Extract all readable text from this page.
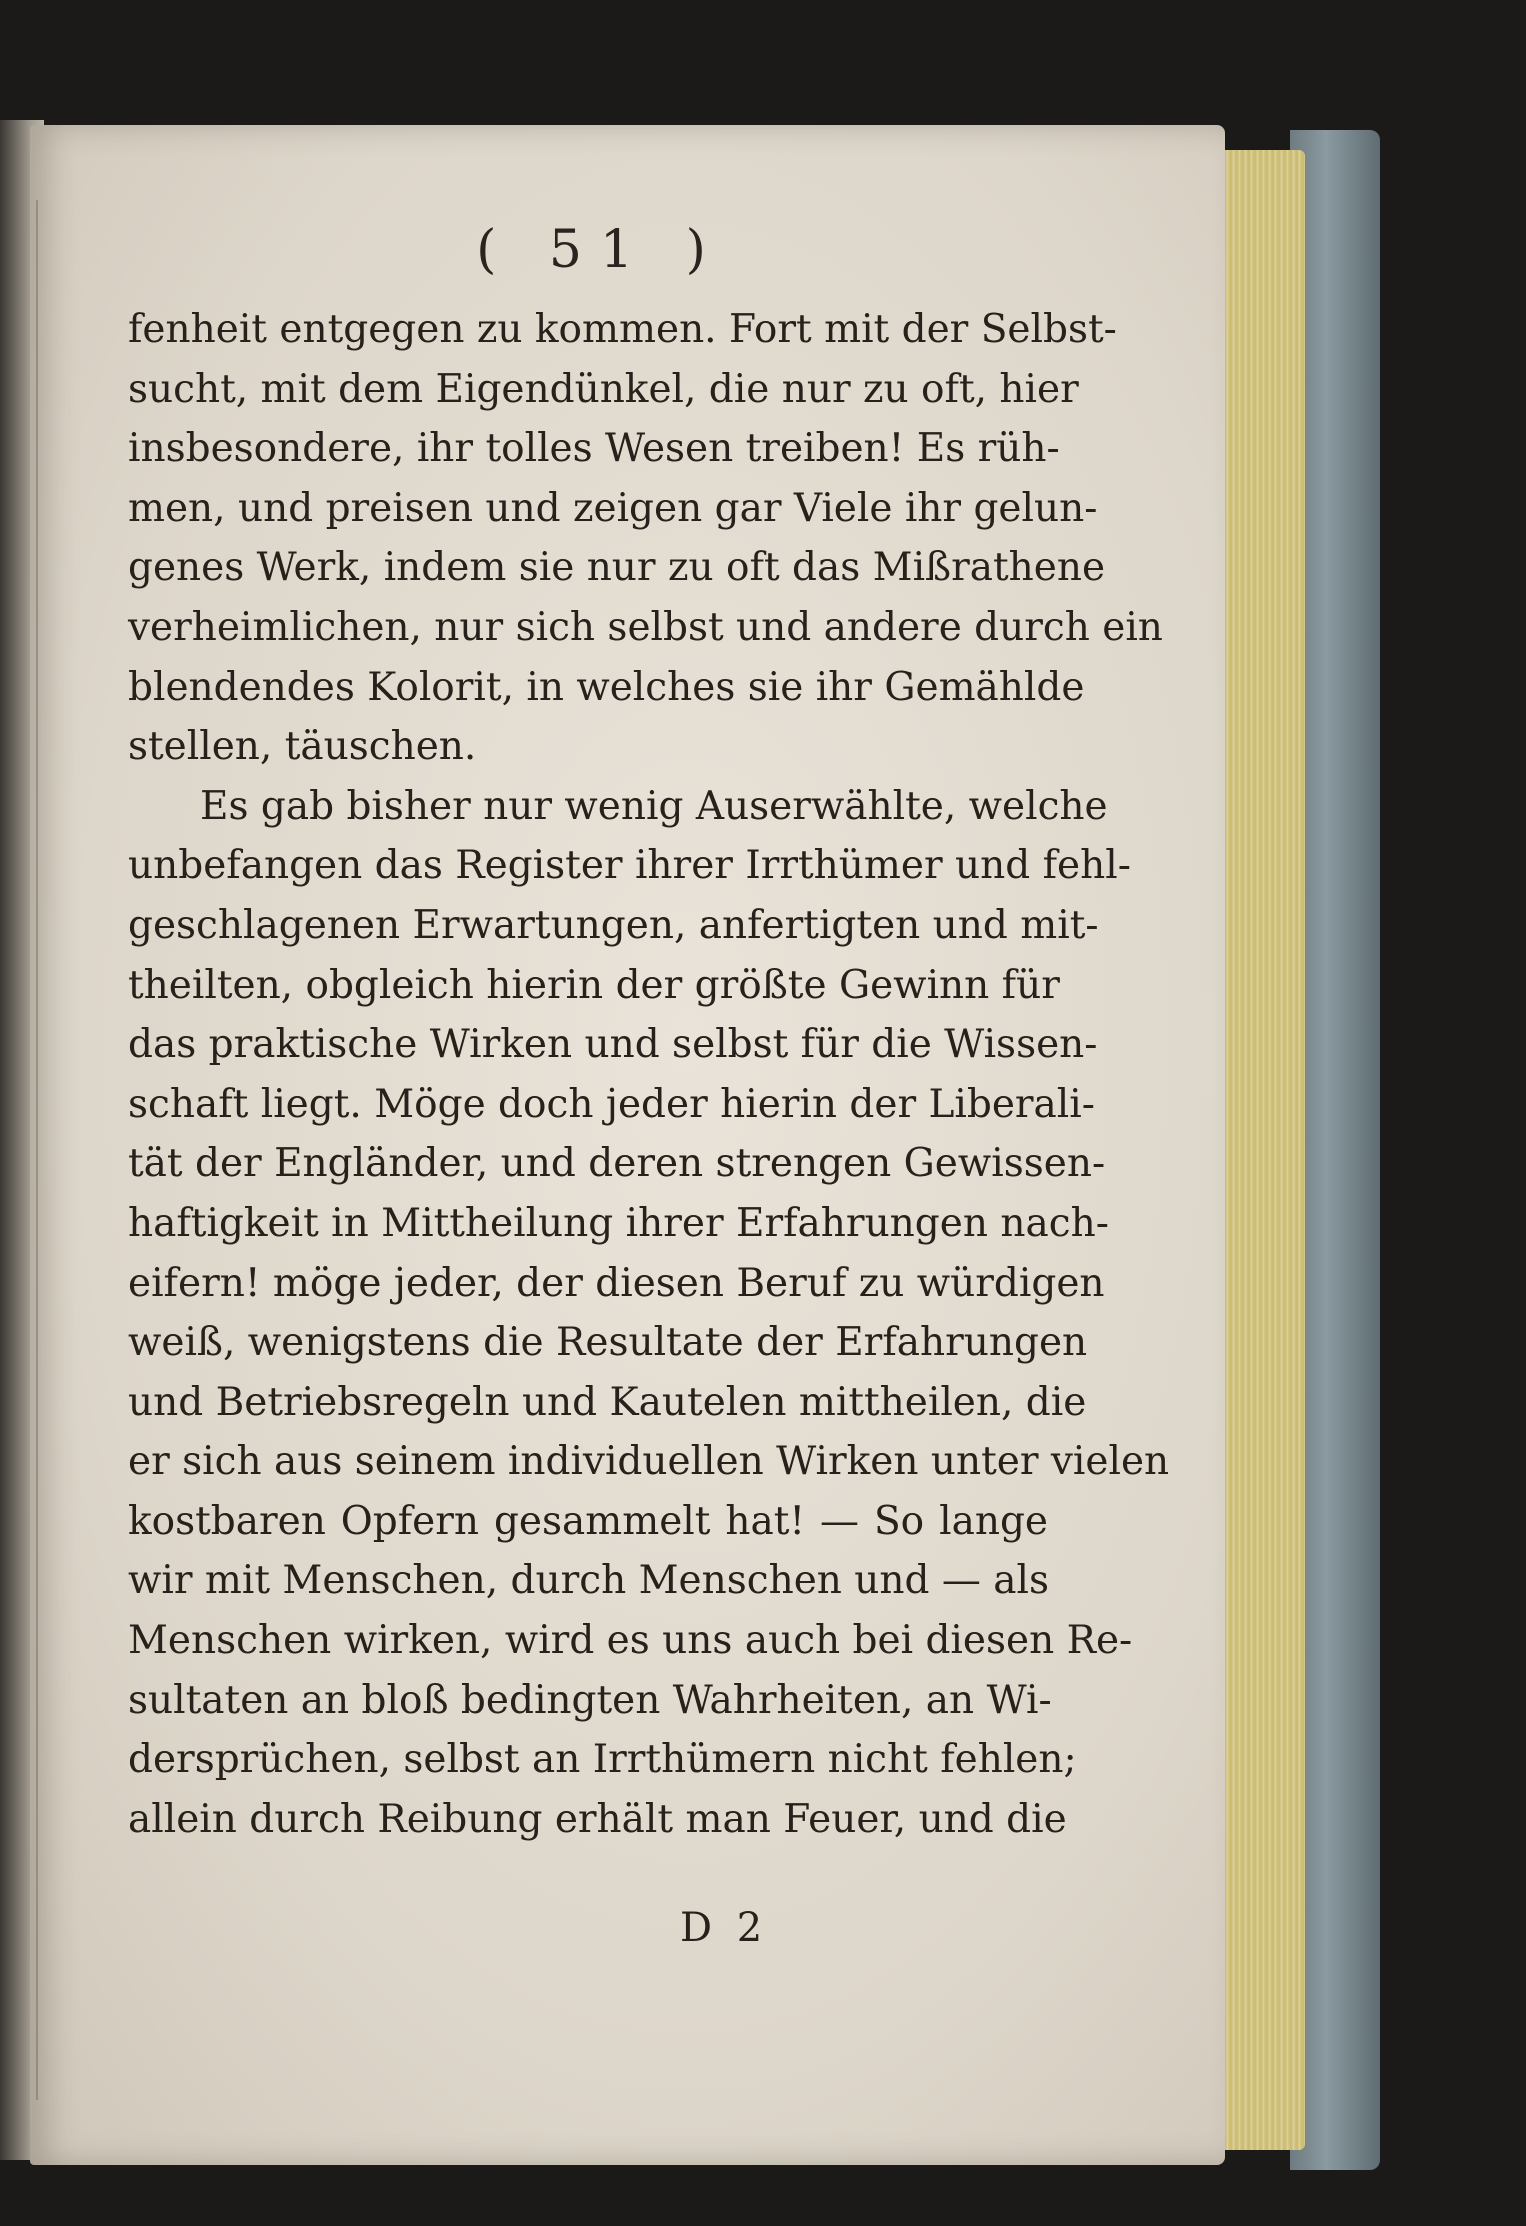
( 51 )
fenheit entgegen zu kommen. Fort mit der Selbst-
sucht, mit dem Eigendünkel, die nur zu oft, hier
insbesondere, ihr tolles Wesen treiben! Es rüh-
men, und preisen und zeigen gar Viele ihr gelun-
genes Werk, indem sie nur zu oft das Mißrathene
verheimlichen, nur sich selbst und andere durch ein
blendendes Kolorit, in welches sie ihr Gemählde
stellen, täuschen.
Es gab bisher nur wenig Auserwählte, welche
unbefangen das Register ihrer Irrthümer und fehl-
geschlagenen Erwartungen, anfertigten und mit-
theilten, obgleich hierin der größte Gewinn für
das praktische Wirken und selbst für die Wissen-
schaft liegt. Möge doch jeder hierin der Liberali-
tät der Engländer, und deren strengen Gewissen-
haftigkeit in Mittheilung ihrer Erfahrungen nach-
eifern! möge jeder, der diesen Beruf zu würdigen
weiß, wenigstens die Resultate der Erfahrungen
und Betriebsregeln und Kautelen mittheilen, die
er sich aus seinem individuellen Wirken unter vielen
kostbaren Opfern gesammelt hat! — So lange
wir mit Menschen, durch Menschen und — als
Menschen wirken, wird es uns auch bei diesen Re-
sultaten an bloß bedingten Wahrheiten, an Wi-
dersprüchen, selbst an Irrthümern nicht fehlen;
allein durch Reibung erhält man Feuer, und die
D 2
